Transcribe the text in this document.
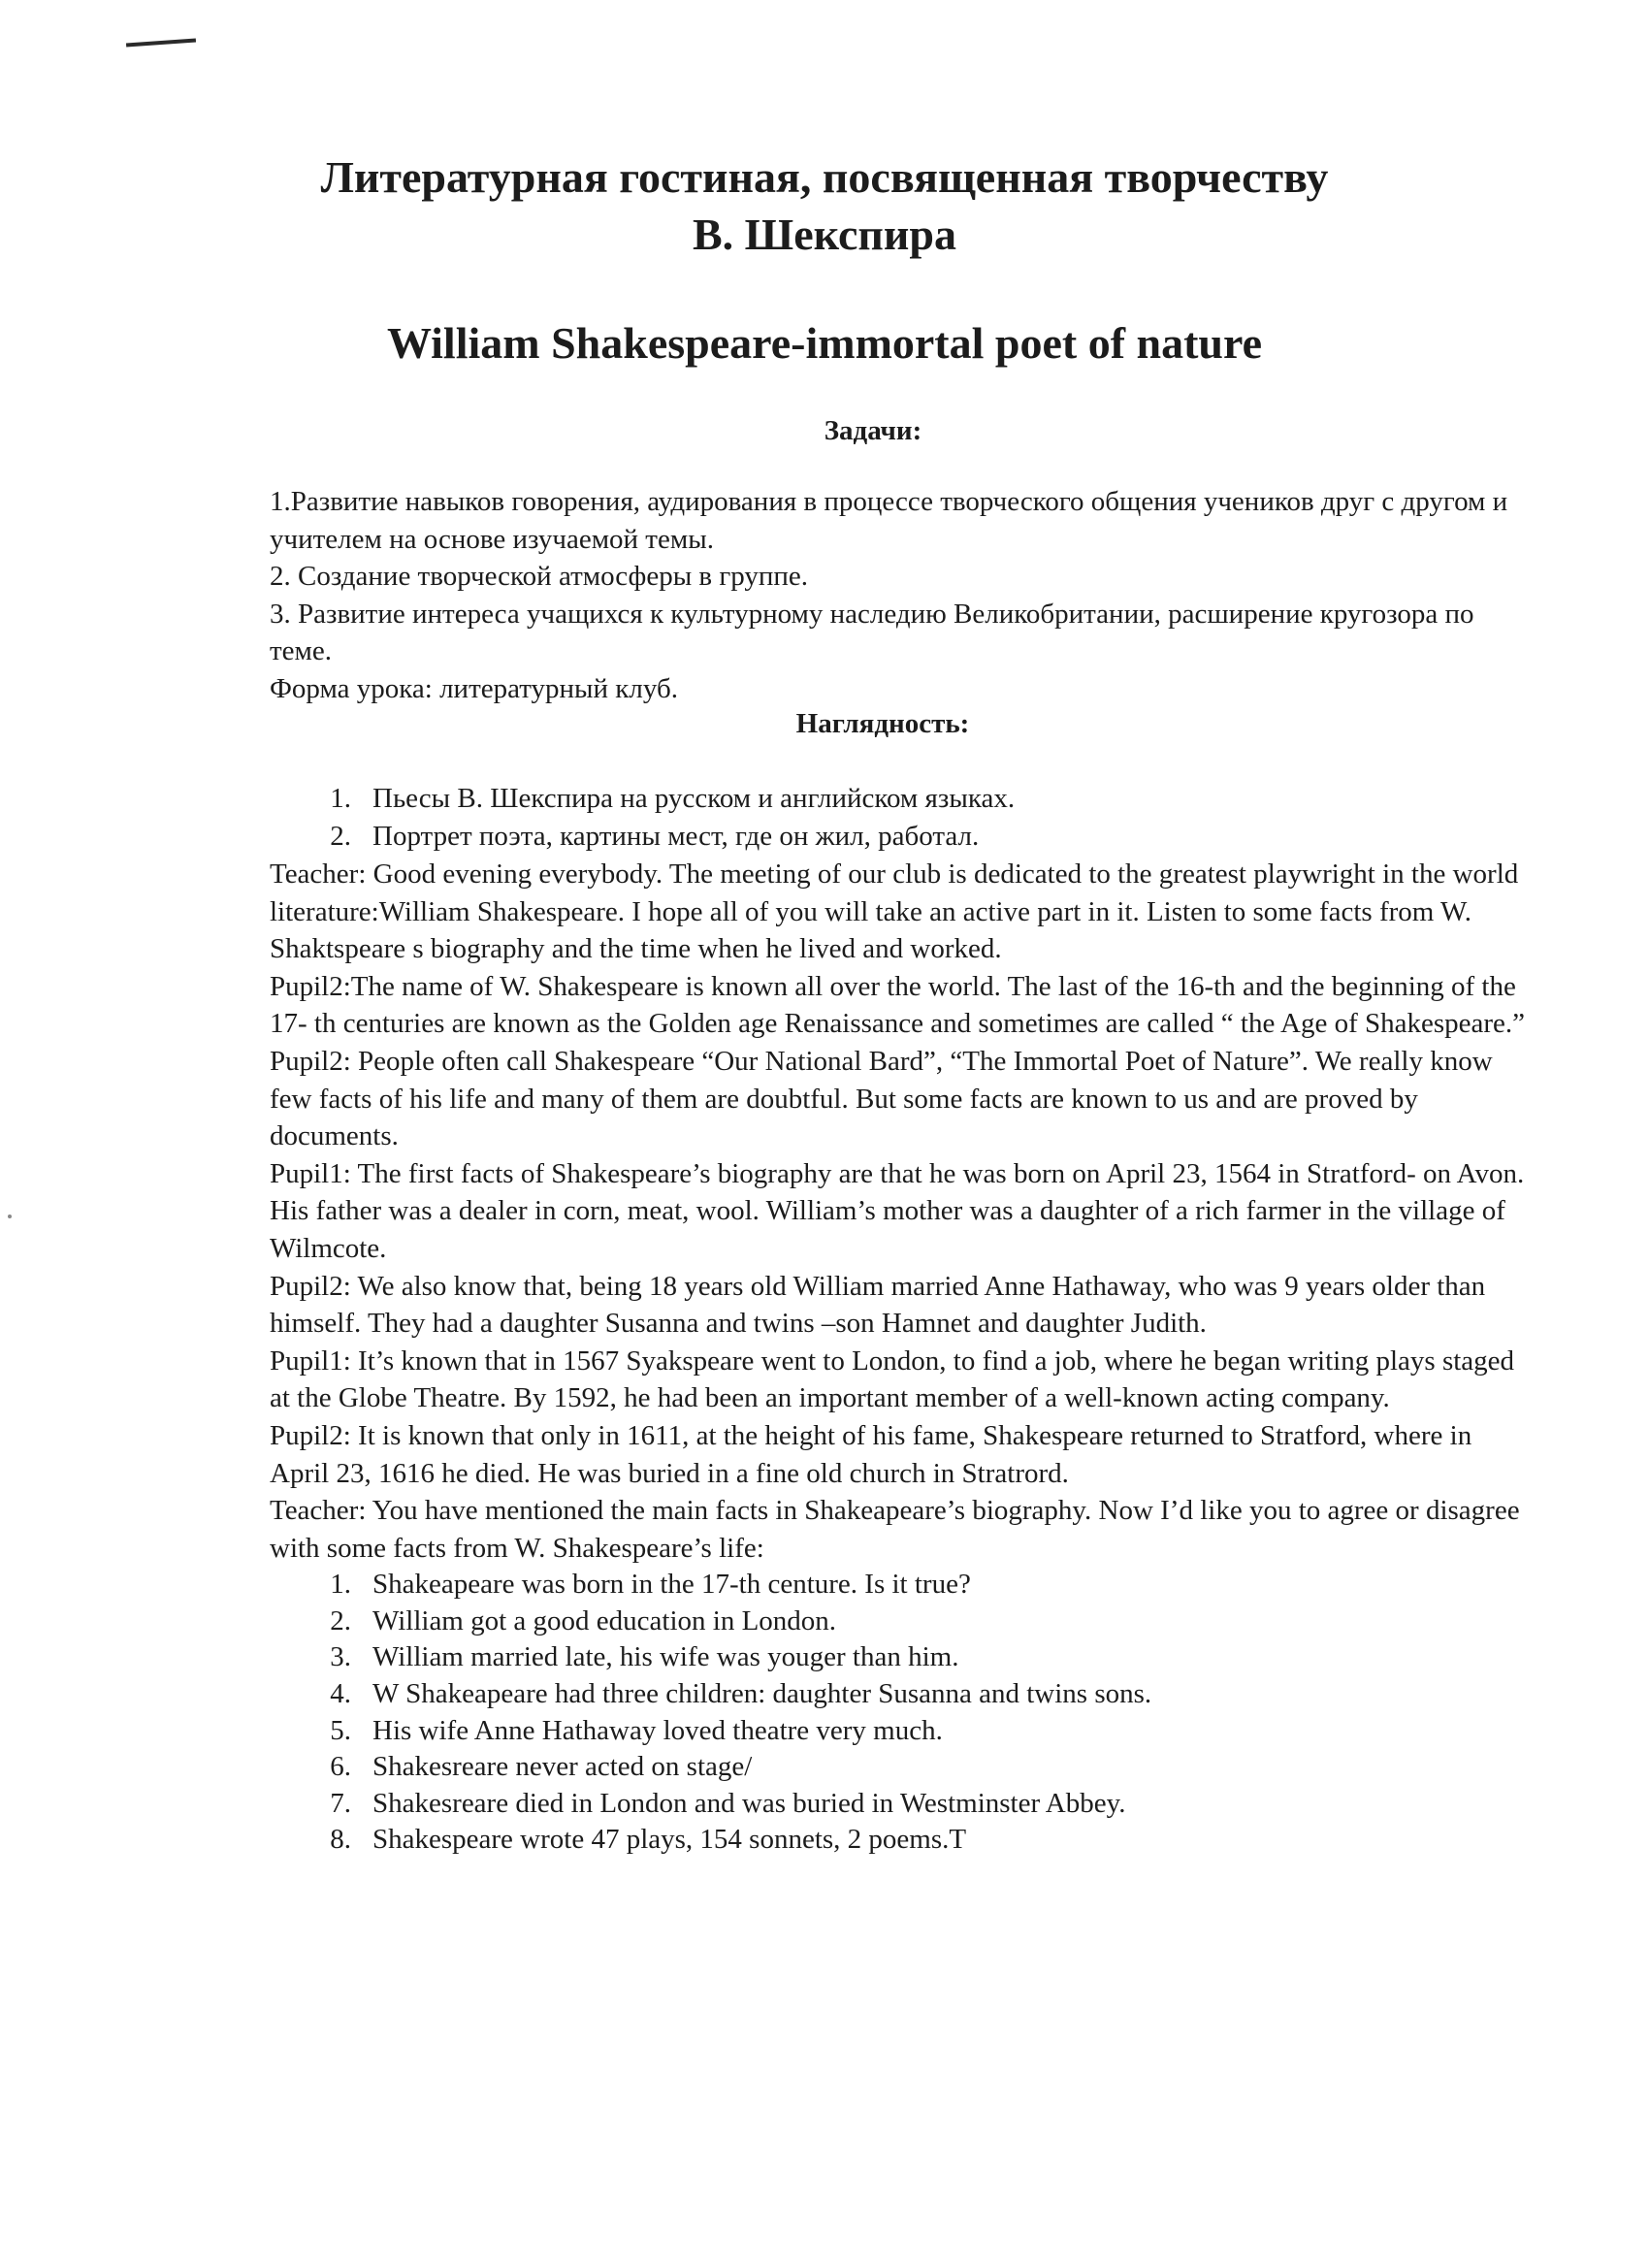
Литературная гостиная, посвященная творчеству
В. Шекспира
William Shakespeare-immortal poet of nature
Задачи:

1.Развитие навыков говорения, аудирования в процессе творческого общения учеников друг с другом и учителем на основе изучаемой темы.

2. Создание творческой атмосферы в группе.

3. Развитие интереса учащихся к культурному наследию Великобритании, расширение кругозора по теме.

Форма урока: литературный клуб.

Наглядность:
1. Пьесы В. Шекспира на русском и английском языках.
2. Портрет поэта, картины мест, где он жил, работал.

Teacher: Good evening everybody. The meeting of our club is dedicated to the greatest playwright in the world literature:William Shakespeare. I hope all of you will take an active part in it. Listen to some facts from W. Shaktspeare s biography and the time when he lived and worked.

Pupil2:The name of W. Shakespeare is known all over the world. The last of the 16-th and the beginning of the 17- th centuries are known as the Golden age Renaissance and sometimes are called “ the Age of Shakespeare.”

Pupil2: People often call Shakespeare “Our National Bard”, “The Immortal Poet of Nature”. We really know few facts of his life and many of them are doubtful. But some facts are known to us and are proved by documents.

Pupil1: The first facts of Shakespeare’s biography are that he was born on April 23, 1564 in Stratford- on Avon. His father was a dealer in corn, meat, wool. William’s mother was a daughter of a rich farmer in the village of Wilmcote.

Pupil2: We also know that, being 18 years old William married Anne Hathaway, who was 9 years older than himself. They had a daughter Susanna and twins –son Hamnet and daughter Judith.

Pupil1: It’s known that in 1567 Syakspeare went to London, to find a job, where he began writing plays staged at the Globe Theatre. By 1592, he had been an important member of a well-known acting company.

Pupil2: It is known that only in 1611, at the height of his fame, Shakespeare returned to Stratford, where in April 23, 1616 he died. He was buried in a fine old church in Stratrord.

Teacher: You have mentioned the main facts in Shakeapeare’s biography. Now I’d like you to agree or disagree with some facts from W. Shakespeare’s life:

1. Shakeapeare was born in the 17-th centure. Is it true?
2. William got a good education in London.
3. William married late, his wife was youger than him.
4. W Shakeapeare had three children: daughter Susanna and twins sons.
5. His wife Anne Hathaway loved theatre very much.
6. Shakesreare never acted on stage/
7. Shakesreare died in London and was buried in Westminster Abbey.
8. Shakespeare wrote 47 plays, 154 sonnets, 2 poems.T
